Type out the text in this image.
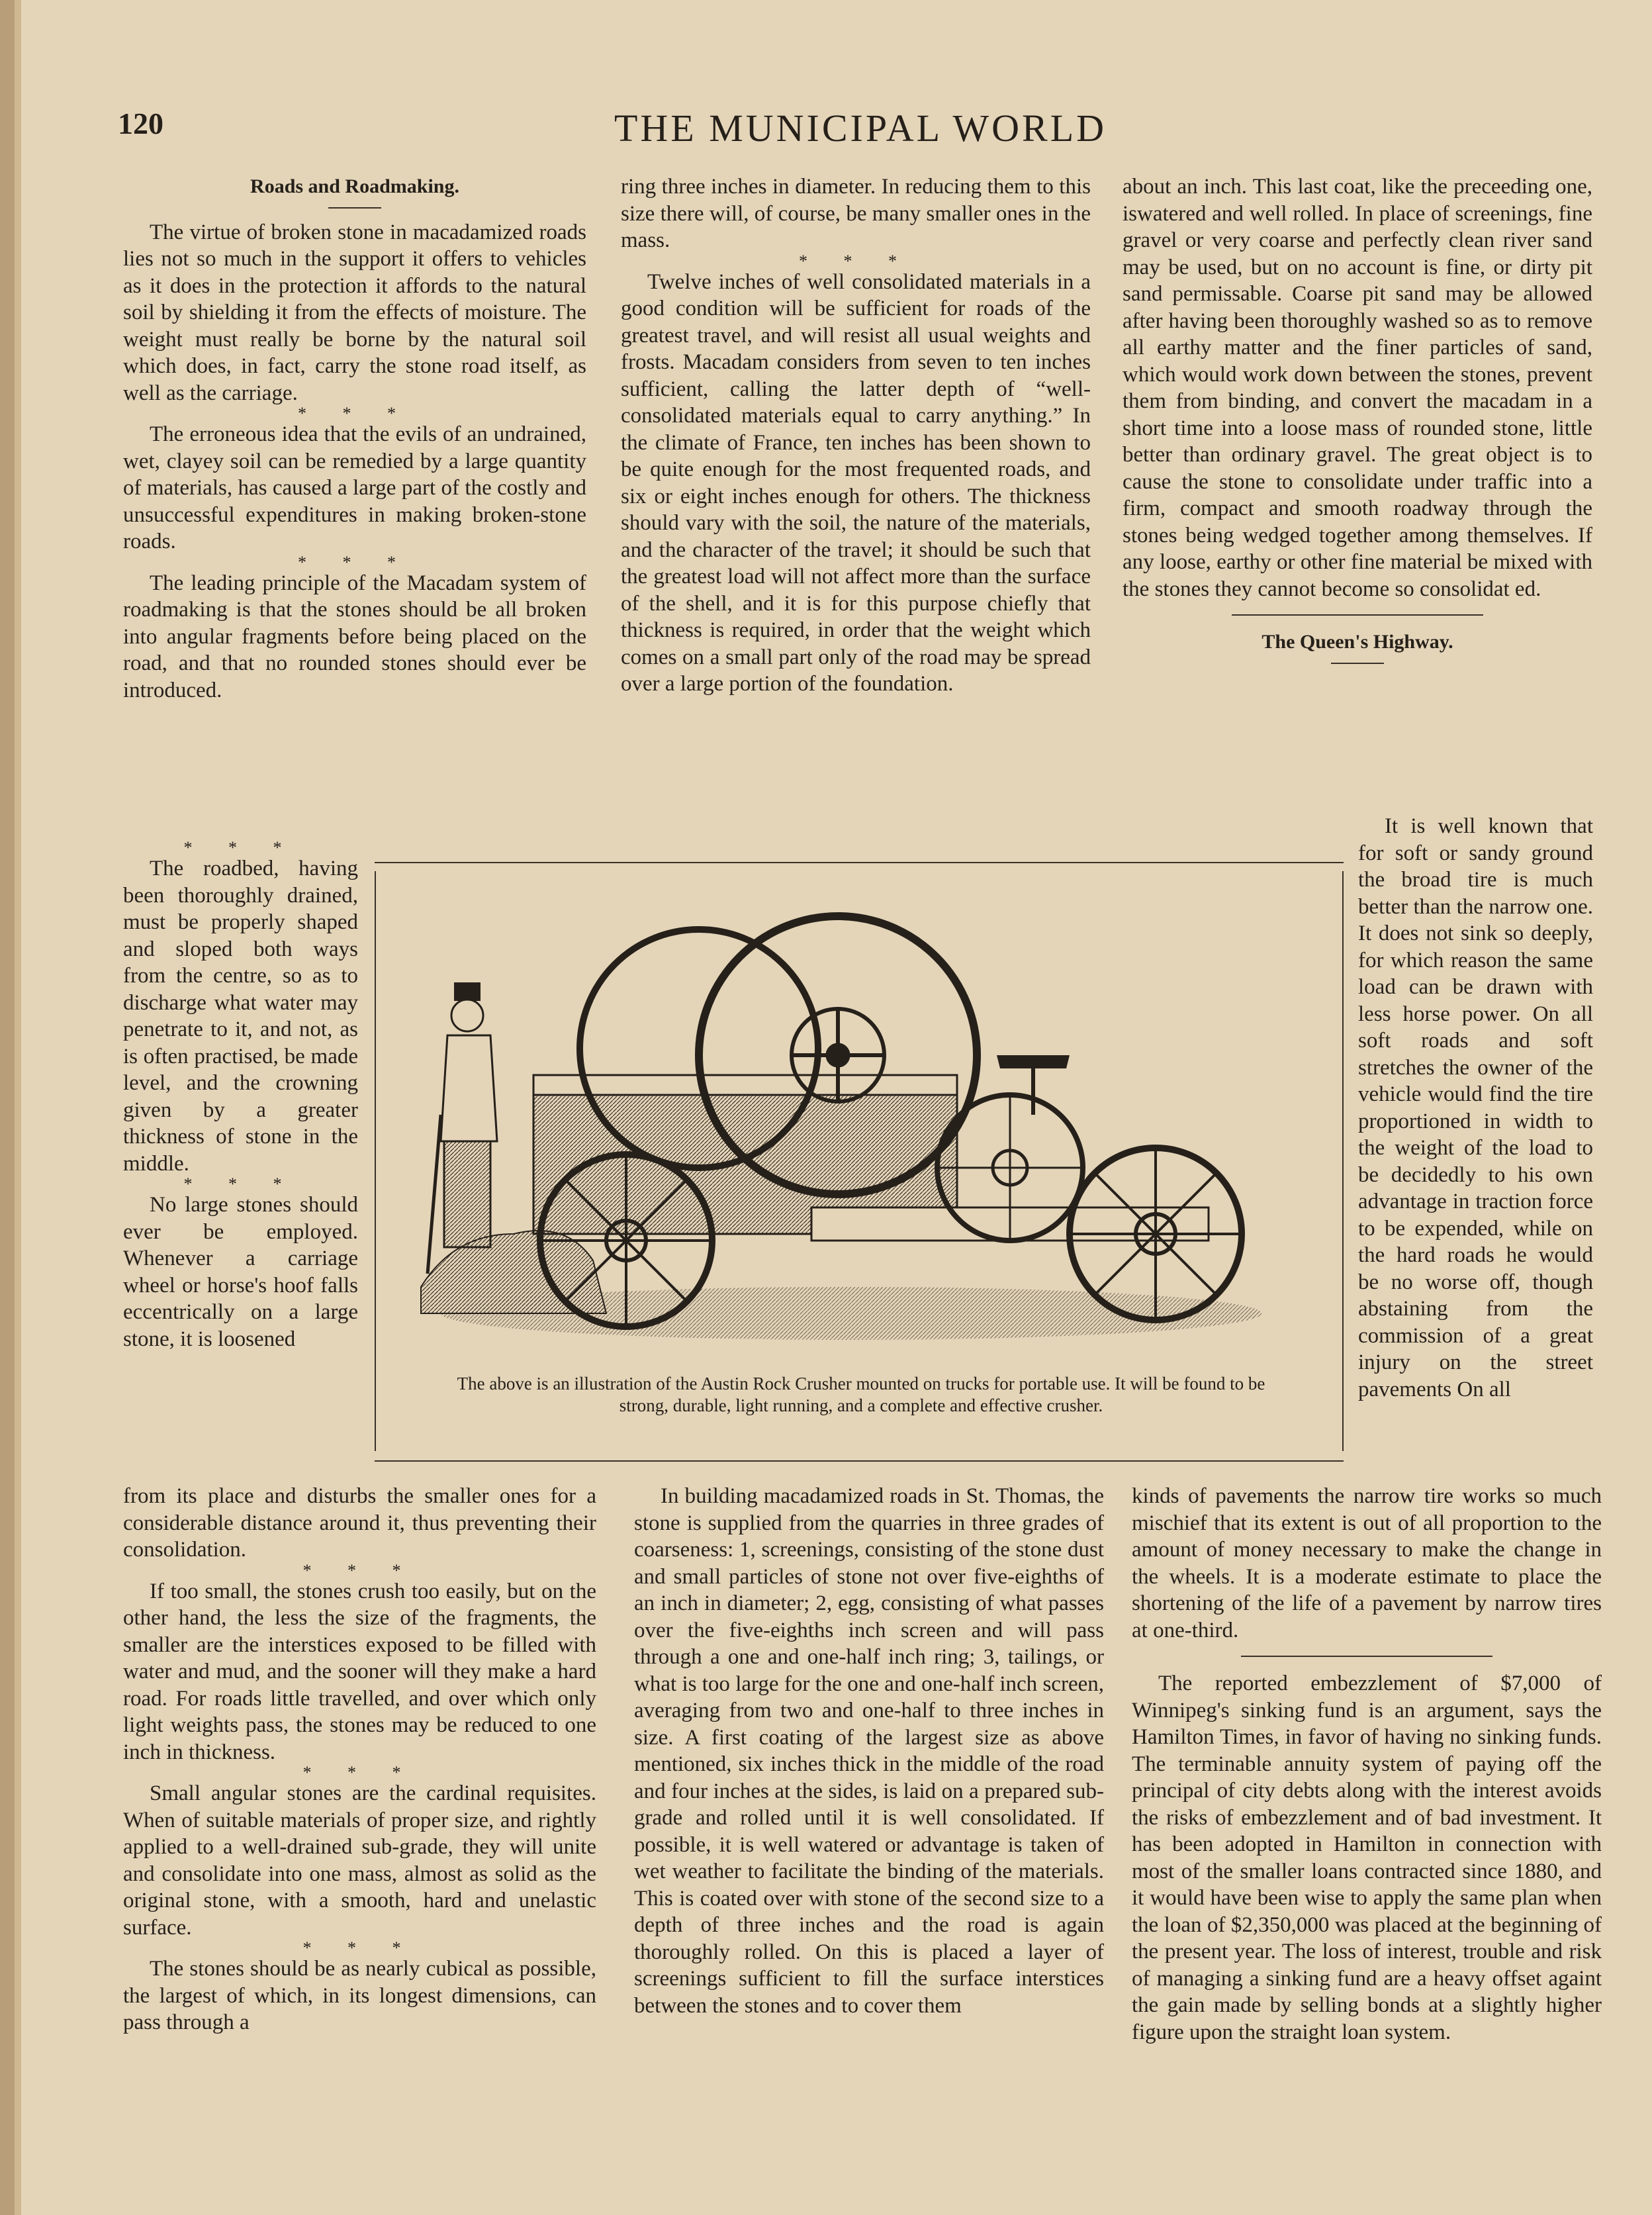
120	THE MUNICIPAL WORLD

Roads and Roadmaking.

The virtue of broken stone in macadamized roads lies not so much in the support it offers to vehicles as it does in the protection it affords to the natural soil by shielding it from the effects of moisture. The weight must really be borne by the natural soil which does, in fact, carry the stone road itself, as well as the carriage.

* * *

The erroneous idea that the evils of an undrained, wet, clayey soil can be remedied by a large quantity of materials, has caused a large part of the costly and unsuccessful expenditures in making broken-stone roads.

* * *

The leading principle of the Macadam system of roadmaking is that the stones should be all broken into angular fragments before being placed on the road, and that no rounded stones should ever be introduced.

* * *

The roadbed, having been thoroughly drained, must be properly shaped and sloped both ways from the centre, so as to discharge what water may penetrate to it, and not, as is often practised, be made level, and the crowning given by a greater thickness of stone in the middle.

* * *

No large stones should ever be employed. Whenever a carriage wheel or horse's hoof falls eccentrically on a large stone, it is loosened

from its place and disturbs the smaller ones for a considerable distance around it, thus preventing their consolidation.

* * *

If too small, the stones crush too easily, but on the other hand, the less the size of the fragments, the smaller are the interstices exposed to be filled with water and mud, and the sooner will they make a hard road. For roads little travelled, and over which only light weights pass, the stones may be reduced to one inch in thickness.

* * *

Small angular stones are the cardinal requisites. When of suitable materials of proper size, and rightly applied to a well-drained sub-grade, they will unite and consolidate into one mass, almost as solid as the original stone, with a smooth, hard and unelastic surface.

* * *

The stones should be as nearly cubical as possible, the largest of which, in its longest dimensions, can pass through a

ring three inches in diameter. In reducing them to this size there will, of course, be many smaller ones in the mass.

* * *

Twelve inches of well consolidated materials in a good condition will be sufficient for roads of the greatest travel, and will resist all usual weights and frosts. Macadam considers from seven to ten inches sufficient, calling the latter depth of “well-consolidated materials equal to carry anything.” In the climate of France, ten inches has been shown to be quite enough for the most frequented roads, and six or eight inches enough for others. The thickness should vary with the soil, the nature of the materials, and the character of the travel; it should be such that the greatest load will not affect more than the surface of the shell, and it is for this purpose chiefly that thickness is required, in order that the weight which comes on a small part only of the road may be spread over a large portion of the foundation.

In building macadamized roads in St. Thomas, the stone is supplied from the quarries in three grades of coarseness: 1, screenings, consisting of the stone dust and small particles of stone not over five-eighths of an inch in diameter; 2, egg, consisting of what passes over the five-eighths inch screen and will pass through a one and one-half inch ring; 3, tailings, or what is too large for the one and one-half inch screen, averaging from two and one-half to three inches in size. A first coating of the largest size as above mentioned, six inches thick in the middle of the road and four inches at the sides, is laid on a prepared sub-grade and rolled until it is well consolidated. If possible, it is well watered or advantage is taken of wet weather to facilitate the binding of the materials. This is coated over with stone of the second size to a depth of three inches and the road is again thoroughly rolled. On this is placed a layer of screenings sufficient to fill the surface interstices between the stones and to cover them

about an inch. This last coat, like the preceeding one, iswatered and well rolled. In place of screenings, fine gravel or very coarse and perfectly clean river sand may be used, but on no account is fine, or dirty pit sand permissable. Coarse pit sand may be allowed after having been thoroughly washed so as to remove all earthy matter and the finer particles of sand, which would work down between the stones, prevent them from binding, and convert the macadam in a short time into a loose mass of rounded stone, little better than ordinary gravel. The great object is to cause the stone to consolidate under traffic into a firm, compact and smooth roadway through the stones being wedged together among themselves. If any loose, earthy or other fine material be mixed with the stones they cannot become so consolidat ed.

The Queen's Highway.

It is well known that for soft or sandy ground the broad tire is much better than the narrow one. It does not sink so deeply, for which reason the same load can be drawn with less horse power. On all soft roads and soft stretches the owner of the vehicle would find the tire proportioned in width to the weight of the load to be decidedly to his own advantage in traction force to be expended, while on the hard roads he would be no worse off, though abstaining from the commission of a great injury on the street pavements On all

kinds of pavements the narrow tire works so much mischief that its extent is out of all proportion to the amount of money necessary to make the change in the wheels. It is a moderate estimate to place the shortening of the life of a pavement by narrow tires at one-third.

The reported embezzlement of $7,000 of Winnipeg's sinking fund is an argument, says the Hamilton Times, in favor of having no sinking funds. The terminable annuity system of paying off the principal of city debts along with the interest avoids the risks of embezzlement and of bad investment. It has been adopted in Hamilton in connection with most of the smaller loans contracted since 1880, and it would have been wise to apply the same plan when the loan of $2,350,000 was placed at the beginning of the present year. The loss of interest, trouble and risk of managing a sinking fund are a heavy offset againt the gain made by selling bonds at a slightly higher figure upon the straight loan system.

The above is an illustration of the Austin Rock Crusher mounted on trucks for portable use. It will be found to be strong, durable, light running, and a complete and effective crusher.
